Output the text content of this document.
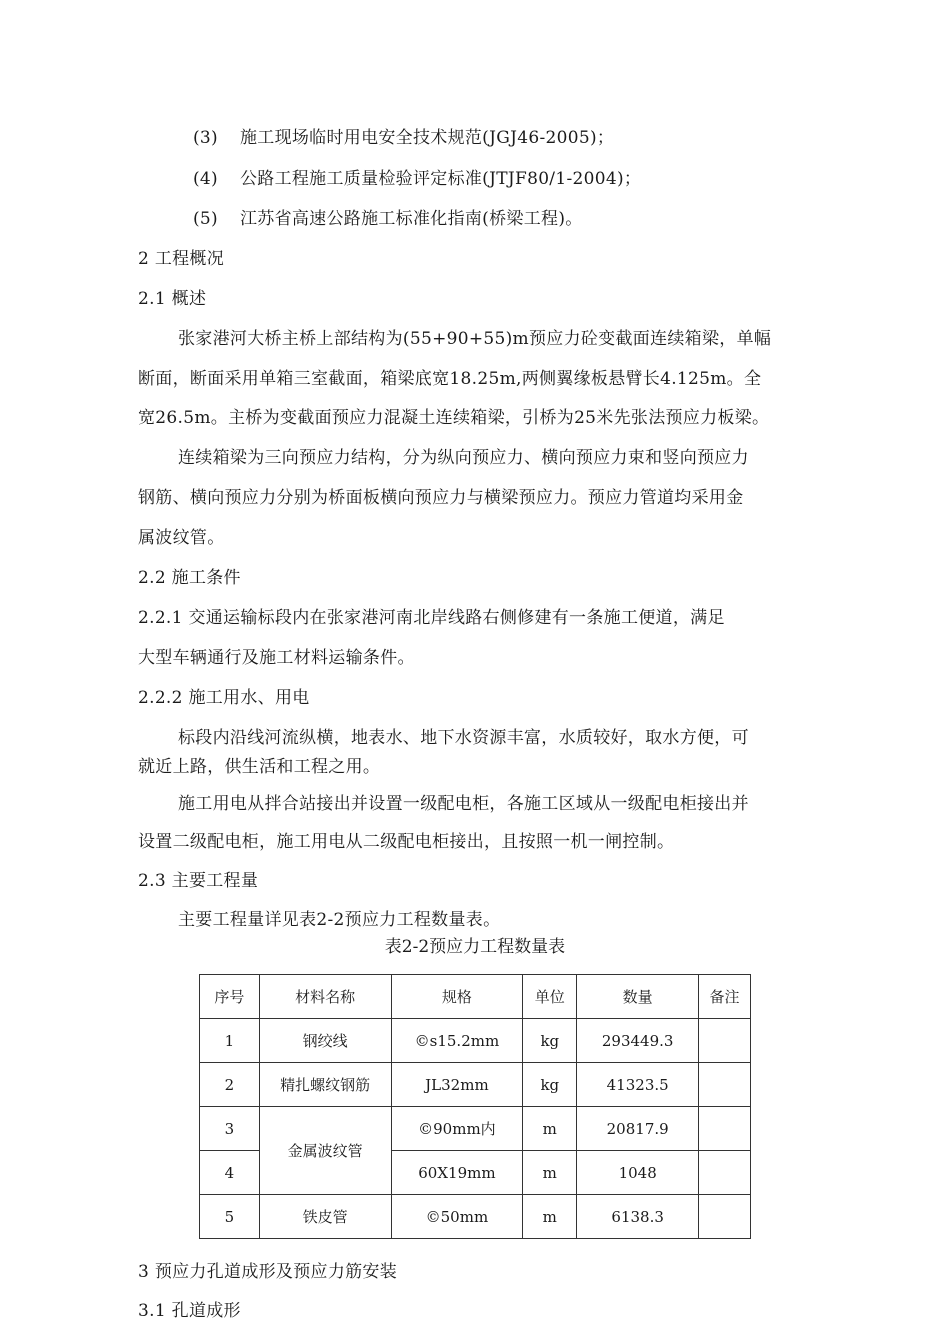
(3) 施工现场临时用电安全技术规范(JGJ46-2005)；
(4) 公路工程施工质量检验评定标准(JTJF80/1-2004)；
(5) 江苏省高速公路施工标准化指南(桥梁工程)。
2 工程概况
2.1 概述
张家港河大桥主桥上部结构为(55+90+55)m预应力砼变截面连续箱梁，单幅
断面，断面采用单箱三室截面，箱梁底宽18.25m,两侧翼缘板悬臂长4.125m。全
宽26.5m。主桥为变截面预应力混凝土连续箱梁，引桥为25米先张法预应力板梁。
连续箱梁为三向预应力结构，分为纵向预应力、横向预应力束和竖向预应力
钢筋、横向预应力分别为桥面板横向预应力与横梁预应力。预应力管道均采用金
属波纹管。
2.2 施工条件
2.2.1 交通运输标段内在张家港河南北岸线路右侧修建有一条施工便道，满足
大型车辆通行及施工材料运输条件。
2.2.2 施工用水、用电
标段内沿线河流纵横，地表水、地下水资源丰富，水质较好，取水方便，可
就近上路，供生活和工程之用。
施工用电从拌合站接出并设置一级配电柜，各施工区域从一级配电柜接出并
设置二级配电柜，施工用电从二级配电柜接出，且按照一机一闸控制。
2.3 主要工程量
主要工程量详见表2-2预应力工程数量表。
表2-2预应力工程数量表
序号	材料名称	规格	单位	数量	备注
1	钢绞线	©s15.2mm	kg	293449.3	
2	精扎螺纹钢筋	JL32mm	kg	41323.5	
3	金属波纹管	©90mm内	m	20817.9	
4		60X19mm	m	1048	
5	铁皮管	©50mm	m	6138.3	
3 预应力孔道成形及预应力筋安装
3.1 孔道成形
